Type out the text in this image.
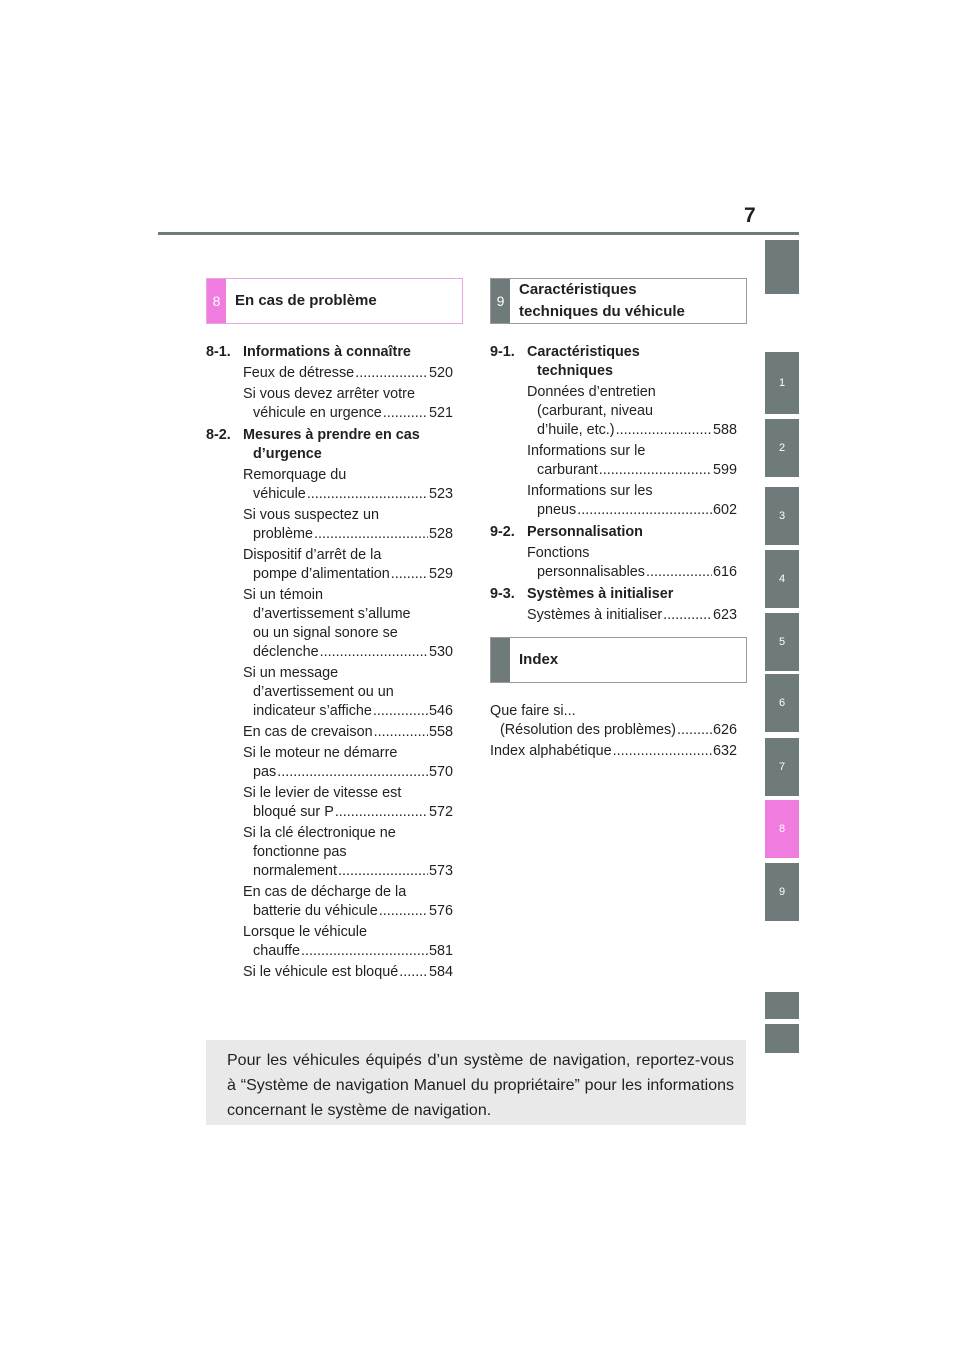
7
1
2
3
4
5
6
7
8
9
8 En cas de problème
8-1. Informations à connaître
Feux de détresse .....	520
Si vous devez arrêter votre
véhicule en urgence .....	521
8-2. Mesures à prendre en cas
d’urgence
Remorquage du
véhicule .....	523
Si vous suspectez un
problème .....	528
Dispositif d’arrêt de la
pompe d’alimentation .....	529
Si un témoin
d’avertissement s’allume
ou un signal sonore se
déclenche .....	530
Si un message
d’avertissement ou un
indicateur s’affiche .....	546
En cas de crevaison .....	558
Si le moteur ne démarre
pas .....	570
Si le levier de vitesse est
bloqué sur P .....	572
Si la clé électronique ne
fonctionne pas
normalement .....	573
En cas de décharge de la
batterie du véhicule .....	576
Lorsque le véhicule
chauffe .....	581
Si le véhicule est bloqué ..... 584
9
Caractéristiques
techniques du véhicule
9-1. Caractéristiques
techniques
Données d’entretien
(carburant, niveau
d’huile, etc.) .....	588
Informations sur le
carburant .....	599
Informations sur les
pneus .....	602
9-2. Personnalisation
Fonctions
personnalisables .....	616
9-3. Systèmes à initialiser
Systèmes à initialiser .....	623
Index
Que faire si...
(Résolution des problèmes) .....	626
Index alphabétique .....	632
Pour les véhicules équipés d’un système de navigation, reportez-vous à “Système de navigation Manuel du propriétaire” pour les informations concernant le système de navigation.
